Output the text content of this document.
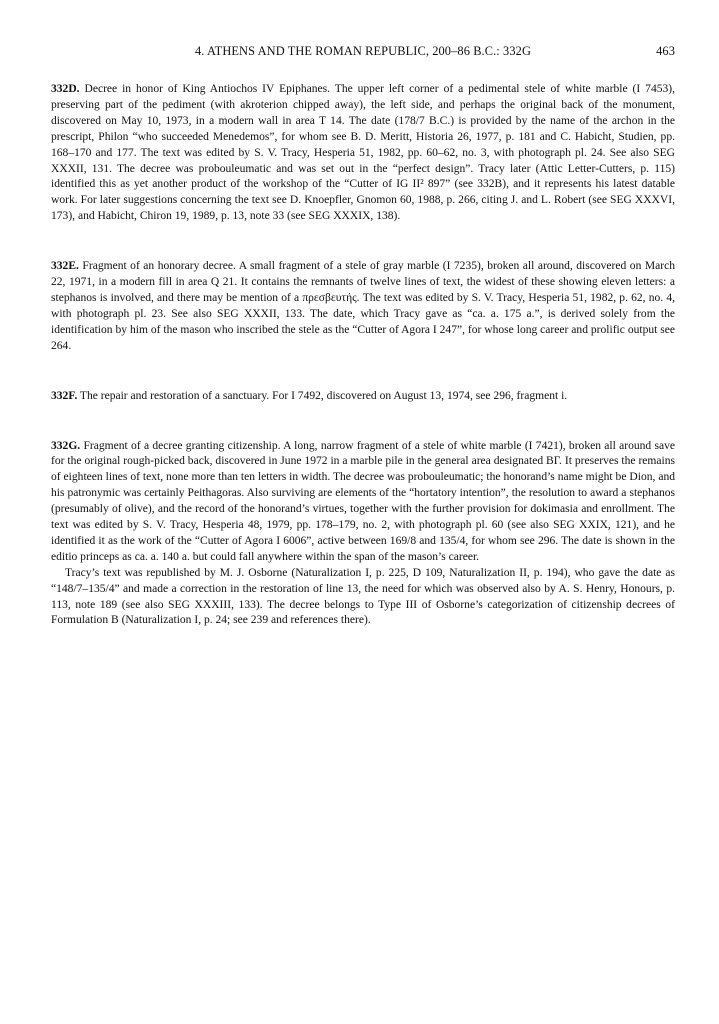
4. ATHENS AND THE ROMAN REPUBLIC, 200–86 B.C.: 332G	463

332D. Decree in honor of King Antiochos IV Epiphanes. The upper left corner of a pedimental stele of white marble (I 7453), preserving part of the pediment (with akroterion chipped away), the left side, and perhaps the original back of the monument, discovered on May 10, 1973, in a modern wall in area T 14. The date (178/7 B.C.) is provided by the name of the archon in the prescript, Philon “who succeeded Menedemos”, for whom see B. D. Meritt, Historia 26, 1977, p. 181 and C. Habicht, Studien, pp. 168–170 and 177. The text was edited by S. V. Tracy, Hesperia 51, 1982, pp. 60–62, no. 3, with photograph pl. 24. See also SEG XXXII, 131. The decree was probouleumatic and was set out in the “perfect design”. Tracy later (Attic Letter-Cutters, p. 115) identified this as yet another product of the workshop of the “Cutter of IG II² 897” (see 332B), and it represents his latest datable work. For later suggestions concerning the text see D. Knoepfler, Gnomon 60, 1988, p. 266, citing J. and L. Robert (see SEG XXXVI, 173), and Habicht, Chiron 19, 1989, p. 13, note 33 (see SEG XXXIX, 138).

332E. Fragment of an honorary decree. A small fragment of a stele of gray marble (I 7235), broken all around, discovered on March 22, 1971, in a modern fill in area Q 21. It contains the remnants of twelve lines of text, the widest of these showing eleven letters: a stephanos is involved, and there may be mention of a πρεσβευτής. The text was edited by S. V. Tracy, Hesperia 51, 1982, p. 62, no. 4, with photograph pl. 23. See also SEG XXXII, 133. The date, which Tracy gave as “ca. a. 175 a.”, is derived solely from the identification by him of the mason who inscribed the stele as the “Cutter of Agora I 247”, for whose long career and prolific output see 264.

332F. The repair and restoration of a sanctuary. For I 7492, discovered on August 13, 1974, see 296, fragment i.

332G. Fragment of a decree granting citizenship. A long, narrow fragment of a stele of white marble (I 7421), broken all around save for the original rough-picked back, discovered in June 1972 in a marble pile in the general area designated BΓ. It preserves the remains of eighteen lines of text, none more than ten letters in width. The decree was probouleumatic; the honorand’s name might be Dion, and his patronymic was certainly Peithagoras. Also surviving are elements of the “hortatory intention”, the resolution to award a stephanos (presumably of olive), and the record of the honorand’s virtues, together with the further provision for dokimasia and enrollment. The text was edited by S. V. Tracy, Hesperia 48, 1979, pp. 178–179, no. 2, with photograph pl. 60 (see also SEG XXIX, 121), and he identified it as the work of the “Cutter of Agora I 6006”, active between 169/8 and 135/4, for whom see 296. The date is shown in the editio princeps as ca. a. 140 a. but could fall anywhere within the span of the mason’s career.

Tracy’s text was republished by M. J. Osborne (Naturalization I, p. 225, D 109, Naturalization II, p. 194), who gave the date as “148/7–135/4” and made a correction in the restoration of line 13, the need for which was observed also by A. S. Henry, Honours, p. 113, note 189 (see also SEG XXXIII, 133). The decree belongs to Type III of Osborne’s categorization of citizenship decrees of Formulation B (Naturalization I, p. 24; see 239 and references there).
